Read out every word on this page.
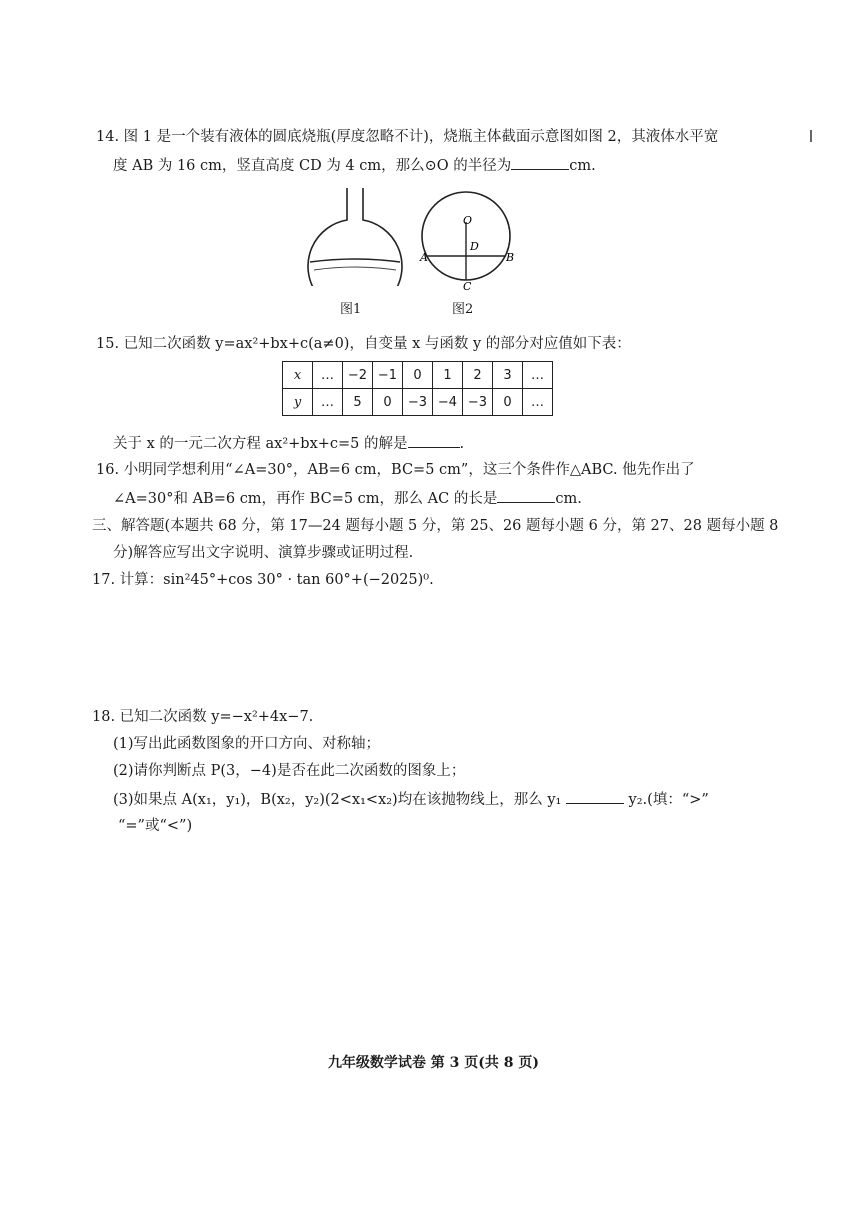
14. 图 1 是一个装有液体的圆底烧瓶(厚度忽略不计)，烧瓶主体截面示意图如图 2，其液体水平宽
度 AB 为 16 cm，竖直高度 CD 为 4 cm，那么⊙O 的半径为	cm.
图1
O
D
A	B
C
图2
15. 已知二次函数 y=ax²+bx+c(a≠0)，自变量 x 与函数 y 的部分对应值如下表：
x	…	−2	−1	0	1	2	3	…
y	…	5	0	−3	−4	−3	0	…
关于 x 的一元二次方程 ax²+bx+c=5 的解是	.
16. 小明同学想利用“∠A=30°，AB=6 cm，BC=5 cm”，这三个条件作△ABC. 他先作出了
∠A=30°和 AB=6 cm，再作 BC=5 cm，那么 AC 的长是	cm.
三、解答题(本题共 68 分，第 17—24 题每小题 5 分，第 25、26 题每小题 6 分，第 27、28 题每小题 8
分)解答应写出文字说明、演算步骤或证明过程.
17. 计算：sin²45°+cos 30° · tan 60°+(−2025)⁰.
18. 已知二次函数 y=−x²+4x−7.
(1)写出此函数图象的开口方向、对称轴；
(2)请你判断点 P(3，−4)是否在此二次函数的图象上；
(3)如果点 A(x₁，y₁)，B(x₂，y₂)(2<x₁<x₂)均在该抛物线上，那么 y₁	y₂.(填：“>”
“=”或“<”)
九年级数学试卷 第 3 页(共 8 页)
